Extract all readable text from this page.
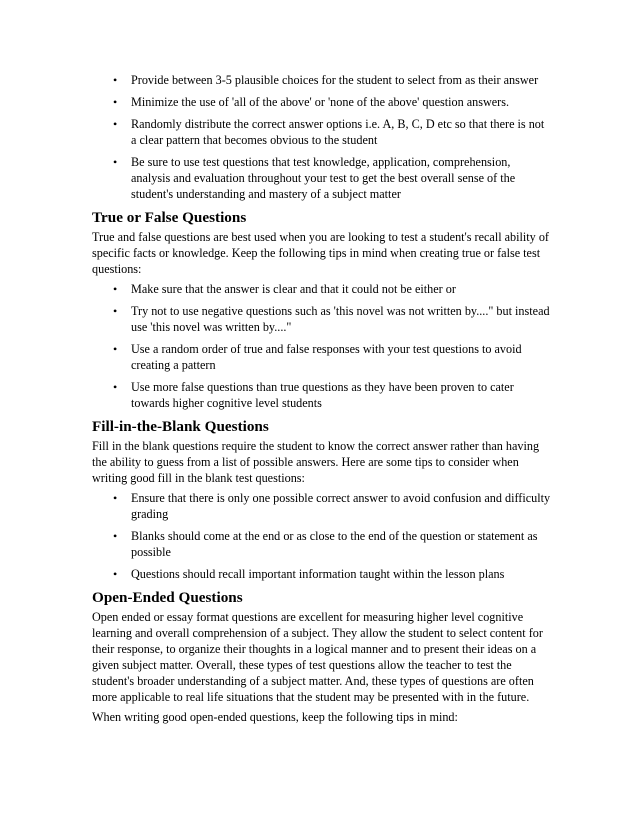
• Provide between 3-5 plausible choices for the student to select from as their answer
• Minimize the use of 'all of the above' or 'none of the above' question answers.
• Randomly distribute the correct answer options i.e. A, B, C, D etc so that there is not a clear pattern that becomes obvious to the student
• Be sure to use test questions that test knowledge, application, comprehension, analysis and evaluation throughout your test to get the best overall sense of the student's understanding and mastery of a subject matter
True or False Questions

True and false questions are best used when you are looking to test a student's recall ability of specific facts or knowledge. Keep the following tips in mind when creating true or false test questions:

• Make sure that the answer is clear and that it could not be either or
• Try not to use negative questions such as 'this novel was not written by...." but instead use 'this novel was written by...."
• Use a random order of true and false responses with your test questions to avoid creating a pattern
• Use more false questions than true questions as they have been proven to cater towards higher cognitive level students
Fill-in-the-Blank Questions

Fill in the blank questions require the student to know the correct answer rather than having the ability to guess from a list of possible answers. Here are some tips to consider when writing good fill in the blank test questions:

• Ensure that there is only one possible correct answer to avoid confusion and difficulty grading
• Blanks should come at the end or as close to the end of the question or statement as possible
• Questions should recall important information taught within the lesson plans
Open-Ended Questions

Open ended or essay format questions are excellent for measuring higher level cognitive learning and overall comprehension of a subject. They allow the student to select content for their response, to organize their thoughts in a logical manner and to present their ideas on a given subject matter. Overall, these types of test questions allow the teacher to test the student's broader understanding of a subject matter. And, these types of questions are often more applicable to real life situations that the student may be presented with in the future.

When writing good open-ended questions, keep the following tips in mind:
